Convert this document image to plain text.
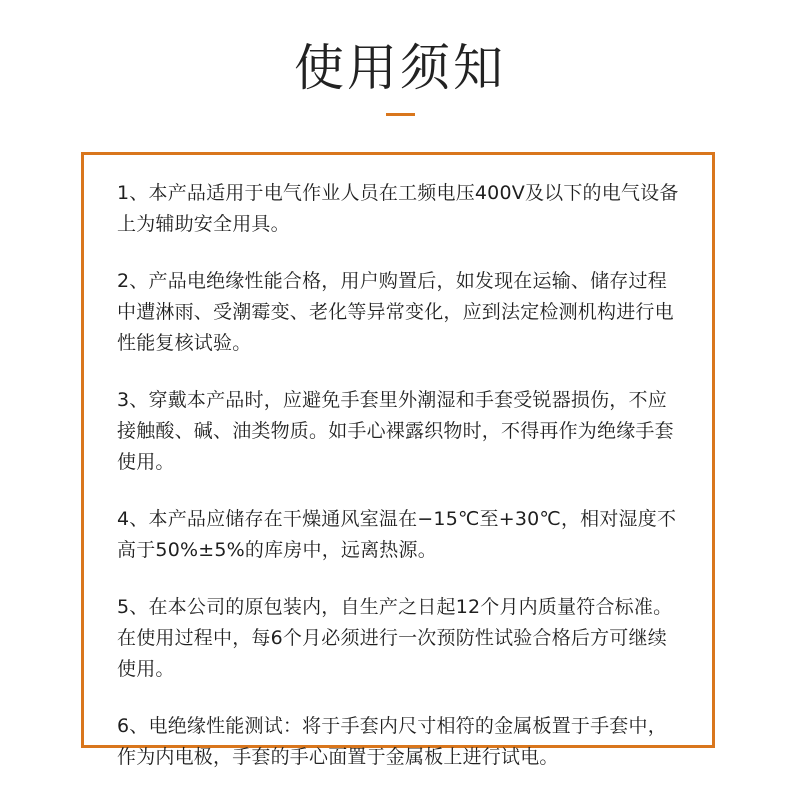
使用须知
1、本产品适用于电气作业人员在工频电压400V及以下的电气设备上为辅助安全用具。
2、产品电绝缘性能合格，用户购置后，如发现在运输、储存过程中遭淋雨、受潮霉变、老化等异常变化，应到法定检测机构进行电性能复核试验。
3、穿戴本产品时，应避免手套里外潮湿和手套受锐器损伤，不应接触酸、碱、油类物质。如手心裸露织物时，不得再作为绝缘手套使用。
4、本产品应储存在干燥通风室温在−15℃至+30℃，相对湿度不高于50%±5%的库房中，远离热源。
5、在本公司的原包装内，自生产之日起12个月内质量符合标准。在使用过程中，每6个月必须进行一次预防性试验合格后方可继续使用。
6、电绝缘性能测试：将于手套内尺寸相符的金属板置于手套中，作为内电极，手套的手心面置于金属板上进行试电。
